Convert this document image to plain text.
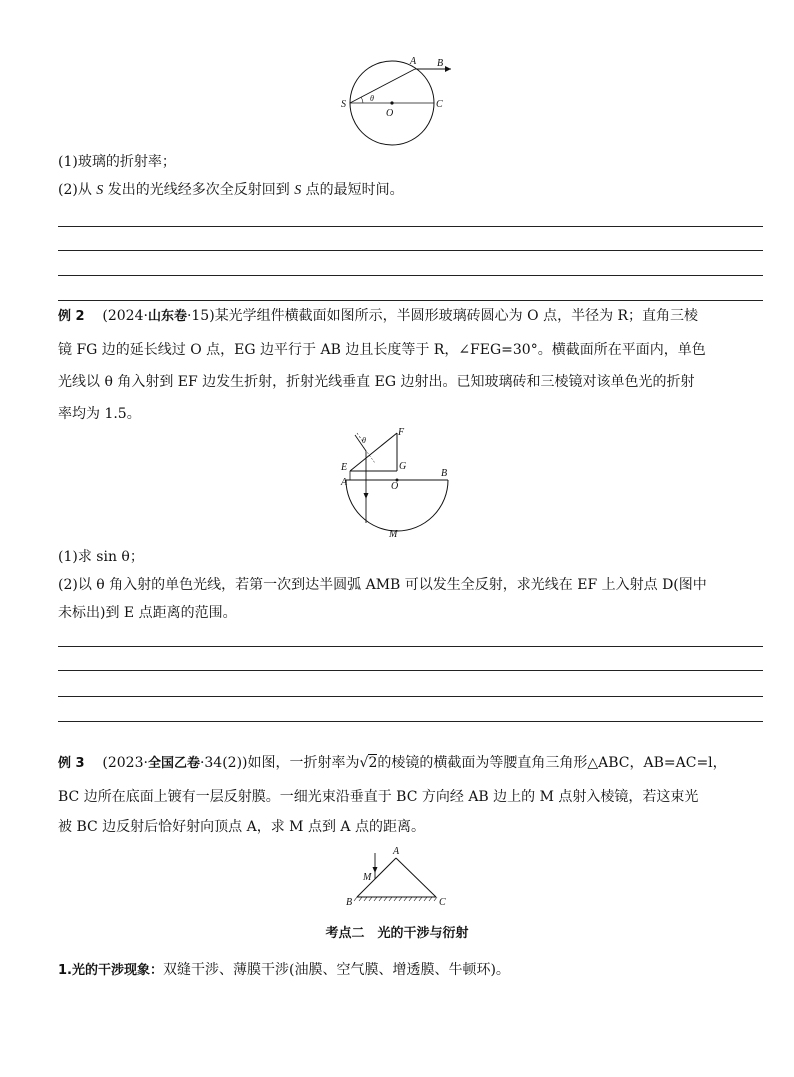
A B
S
θ
O
C
(1)玻璃的折射率；
(2)从 S 发出的光线经多次全反射回到 S 点的最短时间。
例 2 (2024·山东卷·15)某光学组件横截面如图所示，半圆形玻璃砖圆心为 O 点，半径为 R；直角三棱
镜 FG 边的延长线过 O 点，EG 边平行于 AB 边且长度等于 R，∠FEG=30°。横截面所在平面内，单色
光线以 θ 角入射到 EF 边发生折射，折射光线垂直 EG 边射出。已知玻璃砖和三棱镜对该单色光的折射
率均为 1.5。
θ
F
E	G
A	O
B
M
(1)求 sin θ；
(2)以 θ 角入射的单色光线，若第一次到达半圆弧 AMB 可以发生全反射，求光线在 EF 上入射点 D(图中
未标出)到 E 点距离的范围。
例 3 (2023·全国乙卷·34(2))如图，一折射率为√2的棱镜的横截面为等腰直角三角形△ABC，AB=AC=l，
BC 边所在底面上镀有一层反射膜。一细光束沿垂直于 BC 方向经 AB 边上的 M 点射入棱镜，若这束光
被 BC 边反射后恰好射向顶点 A，求 M 点到 A 点的距离。
A
M
B	C
考点二　光的干涉与衍射
1.光的干涉现象：双缝干涉、薄膜干涉(油膜、空气膜、增透膜、牛顿环)。
